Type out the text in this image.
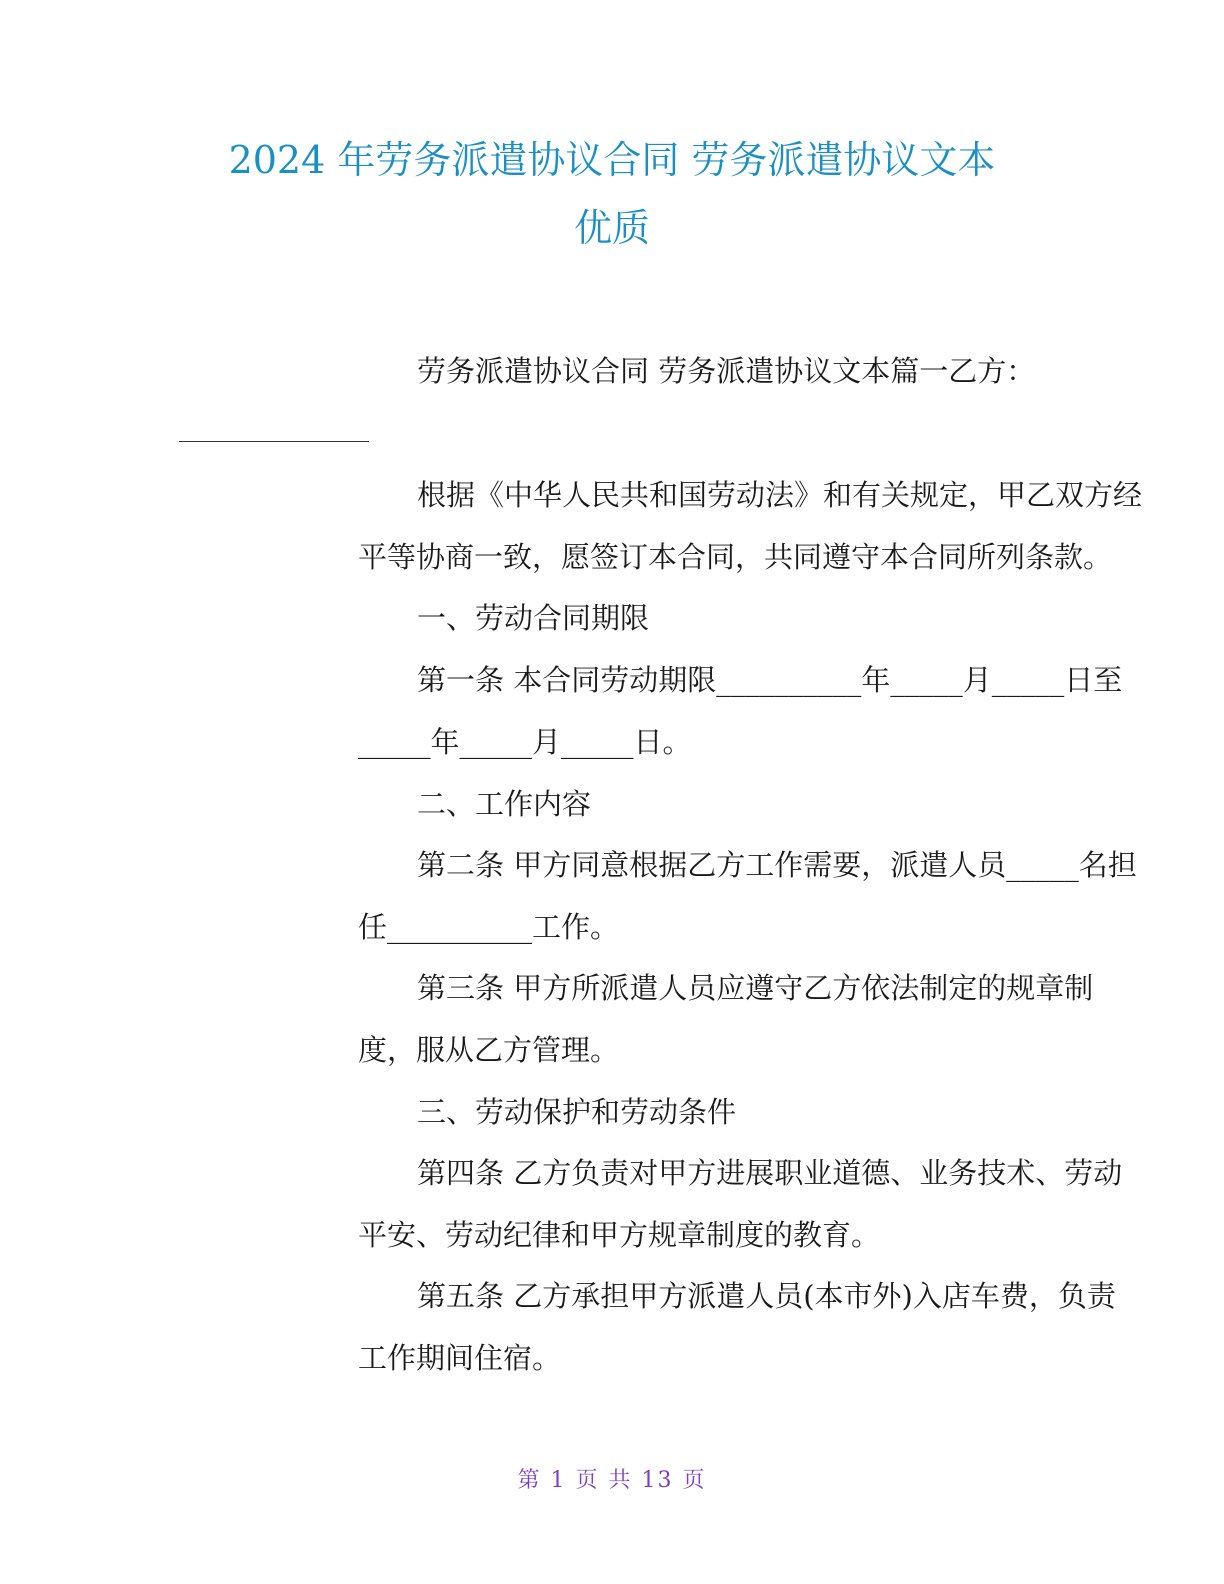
2024 年劳务派遣协议合同 劳务派遣协议文本
优质
劳务派遣协议合同 劳务派遣协议文本篇一乙方：
根据《中华人民共和国劳动法》和有关规定，甲乙双方经
平等协商一致，愿签订本合同，共同遵守本合同所列条款。
一、劳动合同期限
第一条 本合同劳动期限__________年_____月_____日至
_____年_____月_____日。
二、工作内容
第二条 甲方同意根据乙方工作需要，派遣人员_____名担
任__________工作。
第三条 甲方所派遣人员应遵守乙方依法制定的规章制
度，服从乙方管理。
三、劳动保护和劳动条件
第四条 乙方负责对甲方进展职业道德、业务技术、劳动
平安、劳动纪律和甲方规章制度的教育。
第五条 乙方承担甲方派遣人员(本市外)入店车费，负责
工作期间住宿。
第 1 页 共 13 页
